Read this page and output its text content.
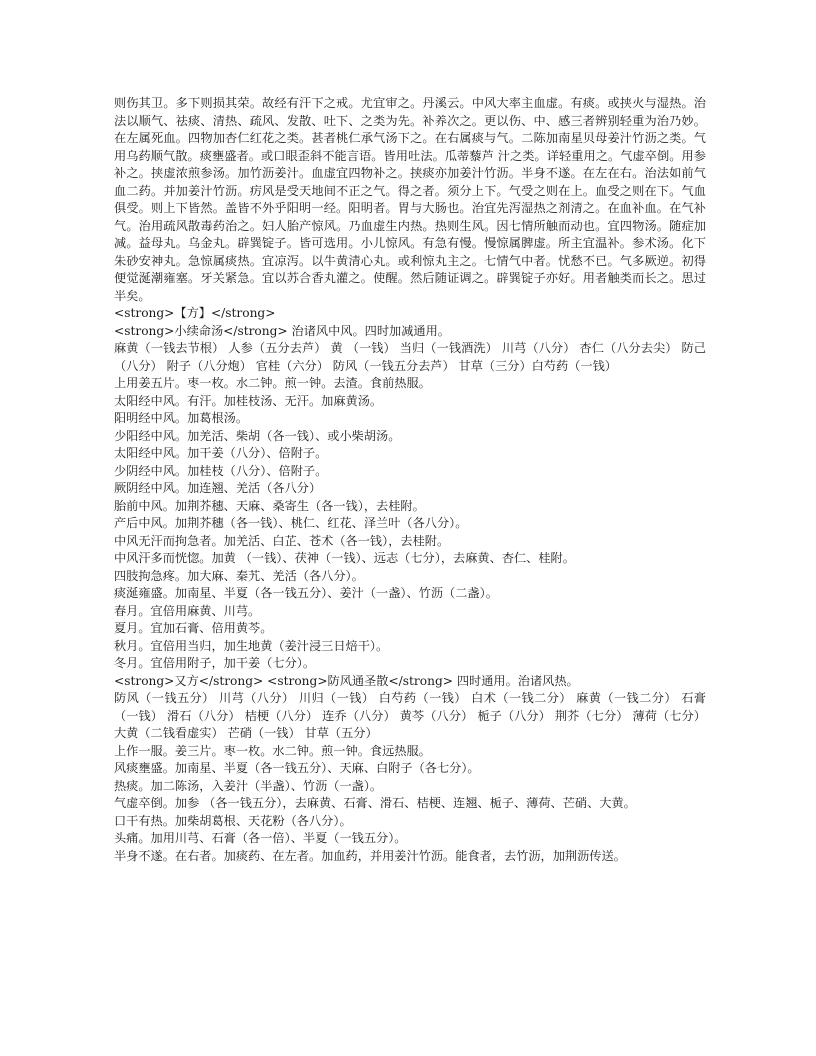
则伤其卫。多下则损其荣。故经有汗下之戒。尤宜审之。丹溪云。中风大率主血虚。有痰。或挟火与湿热。治法以顺气、祛痰、清热、疏风、发散、吐下、之类为先。补养次之。更以伤、中、感三者辨别轻重为治乃妙。在左属死血。四物加杏仁红花之类。甚者桃仁承气汤下之。在右属痰与气。二陈加南星贝母姜汁竹沥之类。气用乌药顺气散。痰壅盛者。或口眼歪斜不能言语。皆用吐法。瓜蒂藜芦 汁之类。详轻重用之。气虚卒倒。用参 补之。挟虚浓煎参汤。加竹沥姜汁。血虚宜四物补之。挟痰亦加姜汁竹沥。半身不遂。在左在右。治法如前气血二药。并加姜汁竹沥。疠风是受天地间不正之气。得之者。须分上下。气受之则在上。血受之则在下。气血俱受。则上下皆然。盖皆不外乎阳明一经。阳明者。胃与大肠也。治宜先泻湿热之剂清之。在血补血。在气补气。治用疏风散毒药治之。妇人胎产惊风。乃血虚生内热。热则生风。因七情所触而动也。宜四物汤。随症加减。益母丸。乌金丸。辟巽锭子。皆可选用。小儿惊风。有急有慢。慢惊属脾虚。所主宜温补。参术汤。化下朱砂安神丸。急惊属痰热。宜凉泻。以牛黄清心丸。或利惊丸主之。七情气中者。忧愁不已。气多厥逆。初得便觉涎潮雍塞。牙关紧急。宜以苏合香丸灌之。使醒。然后随证调之。辟巽锭子亦好。用者触类而长之。思过半矣。
<strong>【方】</strong>
<strong>小续命汤</strong> 治诸风中风。四时加减通用。
麻黄（一钱去节根） 人参（五分去芦） 黄 （一钱） 当归（一钱酒洗） 川芎（八分） 杏仁（八分去尖） 防己（八分） 附子（八分炮） 官桂（六分） 防风（一钱五分去芦） 甘草（三分）白芍药（一钱）
上用姜五片。枣一枚。水二钟。煎一钟。去渣。食前热服。
太阳经中风。有汗。加桂枝汤、无汗。加麻黄汤。
阳明经中风。加葛根汤。
少阳经中风。加羌活、柴胡（各一钱）、或小柴胡汤。
太阳经中风。加干姜（八分）、倍附子。
少阴经中风。加桂枝（八分）、倍附子。
厥阴经中风。加连翘、羌活（各八分）
胎前中风。加荆芥穗、天麻、桑寄生（各一钱），去桂附。
产后中风。加荆芥穗（各一钱）、桃仁、红花、泽兰叶（各八分）。
中风无汗而拘急者。加羌活、白芷、苍术（各一钱），去桂附。
中风汗多而恍惚。加黄 （一钱）、茯神（一钱）、远志（七分），去麻黄、杏仁、桂附。
四肢拘急疼。加大麻、秦艽、羌活（各八分）。
痰涎雍盛。加南星、半夏（各一钱五分）、姜汁（一盏）、竹沥（二盏）。
春月。宜倍用麻黄、川芎。
夏月。宜加石膏、倍用黄芩。
秋月。宜倍用当归，加生地黄（姜汁浸三日焙干）。
冬月。宜倍用附子，加干姜（七分）。
<strong>又方</strong> <strong>防风通圣散</strong> 四时通用。治诸风热。
防风（一钱五分） 川芎（八分） 川归（一钱） 白芍药（一钱） 白术（一钱二分） 麻黄（一钱二分） 石膏（一钱） 滑石（八分） 桔梗（八分） 连乔（八分） 黄芩（八分） 栀子（八分） 荆芥（七分） 薄荷（七分） 大黄（二钱看虚实） 芒硝（一钱） 甘草（五分）
上作一服。姜三片。枣一枚。水二钟。煎一钟。食远热服。
风痰壅盛。加南星、半夏（各一钱五分）、天麻、白附子（各七分）。
热痰。加二陈汤，入姜汁（半盏）、竹沥（一盏）。
气虚卒倒。加参 （各一钱五分），去麻黄、石膏、滑石、桔梗、连翘、栀子、薄荷、芒硝、大黄。
口干有热。加柴胡葛根、天花粉（各八分）。
头痛。加用川芎、石膏（各一倍）、半夏（一钱五分）。
半身不遂。在右者。加痰药、在左者。加血药，并用姜汁竹沥。能食者，去竹沥，加荆沥传送。
